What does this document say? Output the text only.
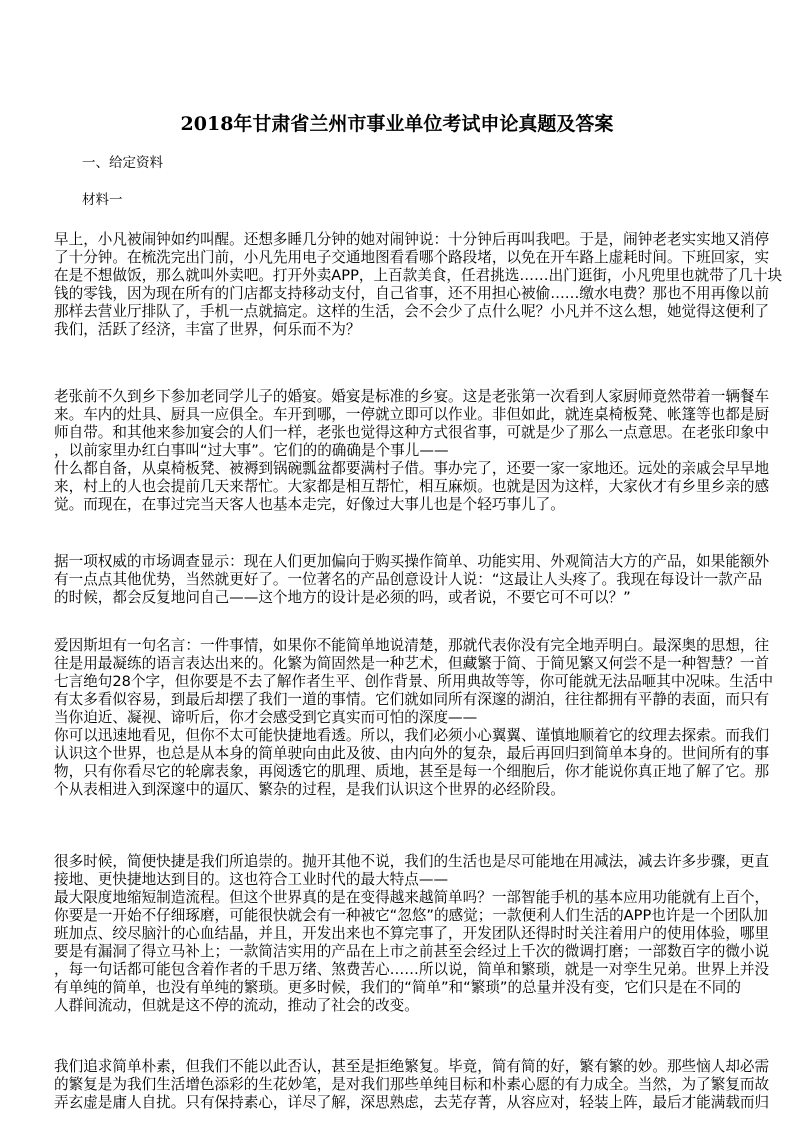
2018年甘肃省兰州市事业单位考试申论真题及答案
一、给定资料
材料一
早上，小凡被闹钟如约叫醒。还想多睡几分钟的她对闹钟说：十分钟后再叫我吧。于是，闹钟老老实实地又消停
了十分钟。在梳洗完出门前，小凡先用电子交通地图看看哪个路段堵，以免在开车路上虚耗时间。下班回家，实
在是不想做饭，那么就叫外卖吧。打开外卖APP，上百款美食，任君挑选……出门逛街，小凡兜里也就带了几十块
钱的零钱，因为现在所有的门店都支持移动支付，自己省事，还不用担心被偷……缴水电费？那也不用再像以前
那样去营业厅排队了，手机一点就搞定。这样的生活，会不会少了点什么呢？小凡并不这么想，她觉得这便利了
我们，活跃了经济，丰富了世界，何乐而不为？
老张前不久到乡下参加老同学儿子的婚宴。婚宴是标准的乡宴。这是老张第一次看到人家厨师竟然带着一辆餐车
来。车内的灶具、厨具一应俱全。车开到哪，一停就立即可以作业。非但如此，就连桌椅板凳、帐篷等也都是厨
师自带。和其他来参加宴会的人们一样，老张也觉得这种方式很省事，可就是少了那么一点意思。在老张印象中
，以前家里办红白事叫“过大事”。它们的的确确是个事儿——
什么都自备，从桌椅板凳、被褥到锅碗瓢盆都要满村子借。事办完了，还要一家一家地还。远处的亲戚会早早地
来，村上的人也会提前几天来帮忙。大家都是相互帮忙，相互麻烦。也就是因为这样，大家伙才有乡里乡亲的感
觉。而现在，在事过完当天客人也基本走完，好像过大事儿也是个轻巧事儿了。
据一项权威的市场调查显示：现在人们更加偏向于购买操作简单、功能实用、外观简洁大方的产品，如果能额外
有一点点其他优势，当然就更好了。一位著名的产品创意设计人说：“这最让人头疼了。我现在每设计一款产品
的时候，都会反复地问自己——这个地方的设计是必须的吗，或者说，不要它可不可以？”
爱因斯坦有一句名言：一件事情，如果你不能简单地说清楚，那就代表你没有完全地弄明白。最深奥的思想，往
往是用最凝练的语言表达出来的。化繁为简固然是一种艺术，但藏繁于简、于简见繁又何尝不是一种智慧？一首
七言绝句28个字，但你要是不去了解作者生平、创作背景、所用典故等等，你可能就无法品咂其中况味。生活中
有太多看似容易，到最后却摆了我们一道的事情。它们就如同所有深邃的湖泊，往往都拥有平静的表面，而只有
当你迫近、凝视、谛听后，你才会感受到它真实而可怕的深度——
你可以迅速地看见，但你不太可能快捷地看透。所以，我们必须小心翼翼、谨慎地顺着它的纹理去探索。而我们
认识这个世界，也总是从本身的简单驶向由此及彼、由内向外的复杂，最后再回归到简单本身的。世间所有的事
物，只有你看尽它的轮廓表象，再阅透它的肌理、质地，甚至是每一个细胞后，你才能说你真正地了解了它。那
个从表相进入到深邃中的逼仄、繁杂的过程，是我们认识这个世界的必经阶段。
很多时候，简便快捷是我们所追崇的。抛开其他不说，我们的生活也是尽可能地在用减法，减去许多步骤，更直
接地、更快捷地达到目的。这也符合工业时代的最大特点——
最大限度地缩短制造流程。但这个世界真的是在变得越来越简单吗？一部智能手机的基本应用功能就有上百个，
你要是一开始不仔细琢磨，可能很快就会有一种被它“忽悠”的感觉；一款便利人们生活的APP也许是一个团队加
班加点、绞尽脑汁的心血结晶，并且，开发出来也不算完事了，开发团队还得时时关注着用户的使用体验，哪里
要是有漏洞了得立马补上；一款简洁实用的产品在上市之前甚至会经过上千次的微调打磨；一部数百字的微小说
，每一句话都可能包含着作者的千思万绪、煞费苦心……所以说，简单和繁琐，就是一对孪生兄弟。世界上并没
有单纯的简单，也没有单纯的繁琐。更多时候，我们的“简单”和“繁琐”的总量并没有变，它们只是在不同的
人群间流动，但就是这不停的流动，推动了社会的改变。
我们追求简单朴素，但我们不能以此否认，甚至是拒绝繁复。毕竟，简有简的好，繁有繁的妙。那些恼人却必需
的繁复是为我们生活增色添彩的生花妙笔，是对我们那些单纯目标和朴素心愿的有力成全。当然，为了繁复而故
弄玄虚是庸人自扰。只有保持素心，详尽了解，深思熟虑，去芜存菁，从容应对，轻装上阵，最后才能满载而归
